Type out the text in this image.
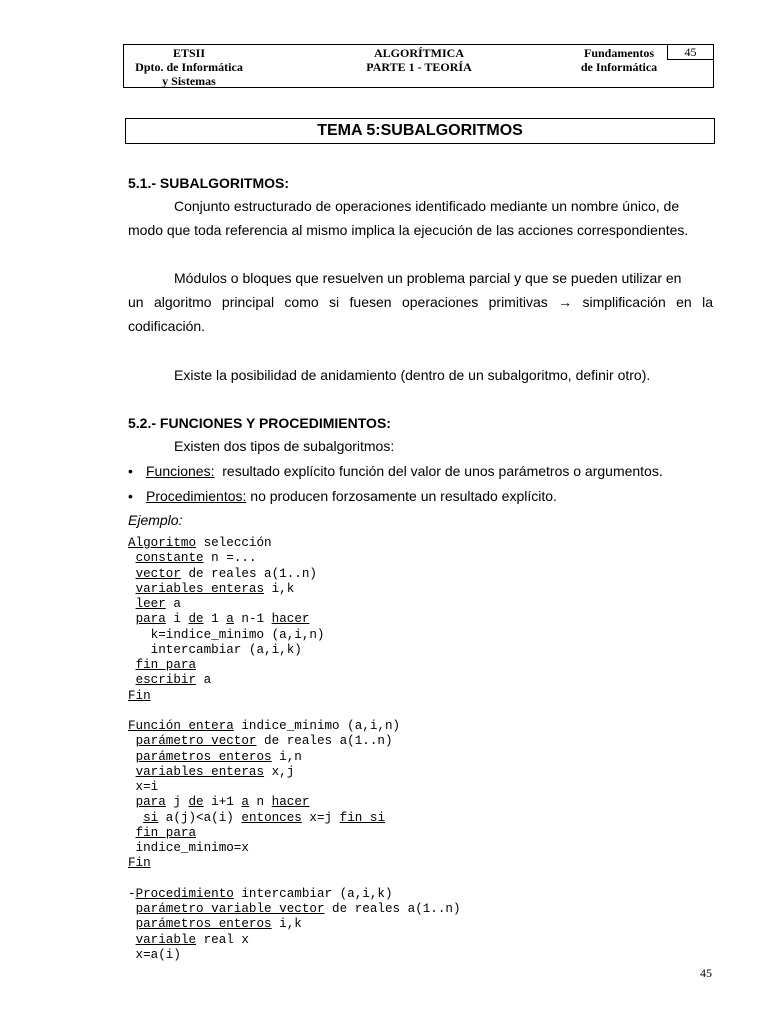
ETSII
Dpto. de Informática
y Sistemas
ALGORÍTMICA
PARTE 1 - TEORÍA
Fundamentos
de Informática
45
TEMA 5:SUBALGORITMOS
5.1.- SUBALGORITMOS:
Conjunto estructurado de operaciones identificado mediante un nombre único, de
modo que toda referencia al mismo implica la ejecución de las acciones correspondientes.
Módulos o bloques que resuelven un problema parcial y que se pueden utilizar en
un algoritmo principal como si fuesen operaciones primitivas → simplificación en la
codificación.
Existe la posibilidad de anidamiento (dentro de un subalgoritmo, definir otro).
5.2.- FUNCIONES Y PROCEDIMIENTOS:
Existen dos tipos de subalgoritmos:
• Funciones:  resultado explícito función del valor de unos parámetros o argumentos.
• Procedimientos: no producen forzosamente un resultado explícito.
Ejemplo:
Algoritmo selección
constante n =...
vector de reales a(1..n)
variables enteras i,k
leer a
para i de 1 a n-1 hacer
k=indice_minimo (a,i,n)
intercambiar (a,i,k)
fin para
escribir a
Fin
Función entera indice_minimo (a,i,n)
parámetro vector de reales a(1..n)
parámetros enteros i,n
variables enteras x,j
x=i
para j de i+1 a n hacer
si a(j)<a(i) entonces x=j fin si
fin para
indice_minimo=x
Fin
-Procedimiento intercambiar (a,i,k)
parámetro variable vector de reales a(1..n)
parámetros enteros i,k
variable real x
x=a(i)
45
